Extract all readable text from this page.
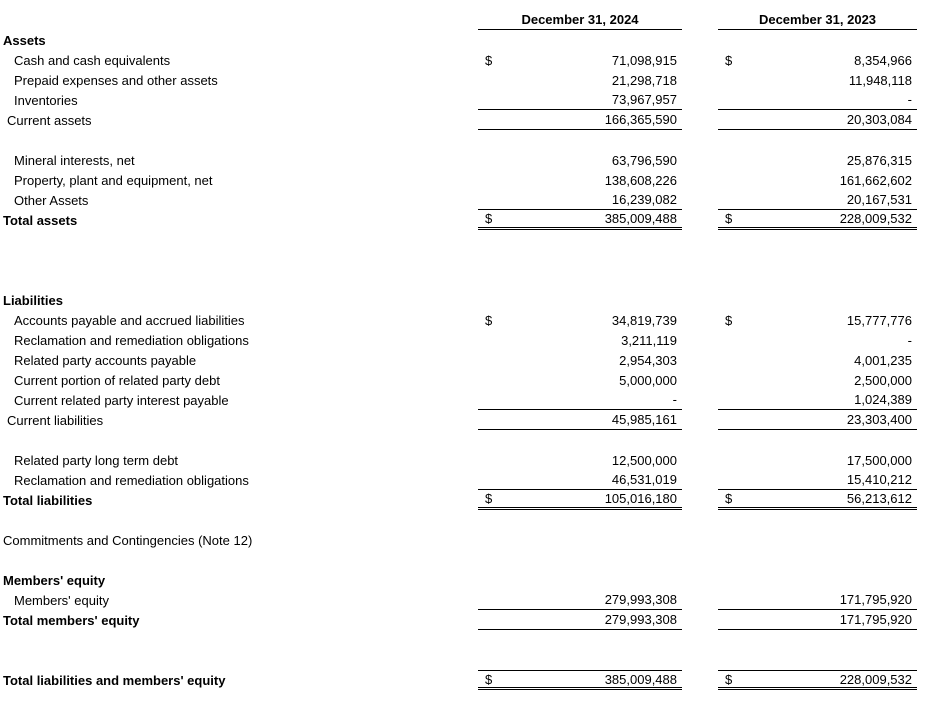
December 31, 2024	December 31, 2023
Assets
Cash and cash equivalents	$	71,098,915	$	8,354,966
Prepaid expenses and other assets	21,298,718	11,948,118
Inventories	73,967,957	-
Current assets	166,365,590	20,303,084
Mineral interests, net	63,796,590	25,876,315
Property, plant and equipment, net	138,608,226	161,662,602
Other Assets	16,239,082	20,167,531
Total assets	$	385,009,488	$	228,009,532
Liabilities
Accounts payable and accrued liabilities	$	34,819,739	$	15,777,776
Reclamation and remediation obligations	3,211,119	-
Related party accounts payable	2,954,303	4,001,235
Current portion of related party debt	5,000,000	2,500,000
Current related party interest payable	-	1,024,389
Current liabilities	45,985,161	23,303,400
Related party long term debt	12,500,000	17,500,000
Reclamation and remediation obligations	46,531,019	15,410,212
Total liabilities	$	105,016,180	$	56,213,612
Commitments and Contingencies (Note 12)
Members' equity
Members' equity	279,993,308	171,795,920
Total members' equity	279,993,308	171,795,920
Total liabilities and members' equity	$	385,009,488	$	228,009,532
